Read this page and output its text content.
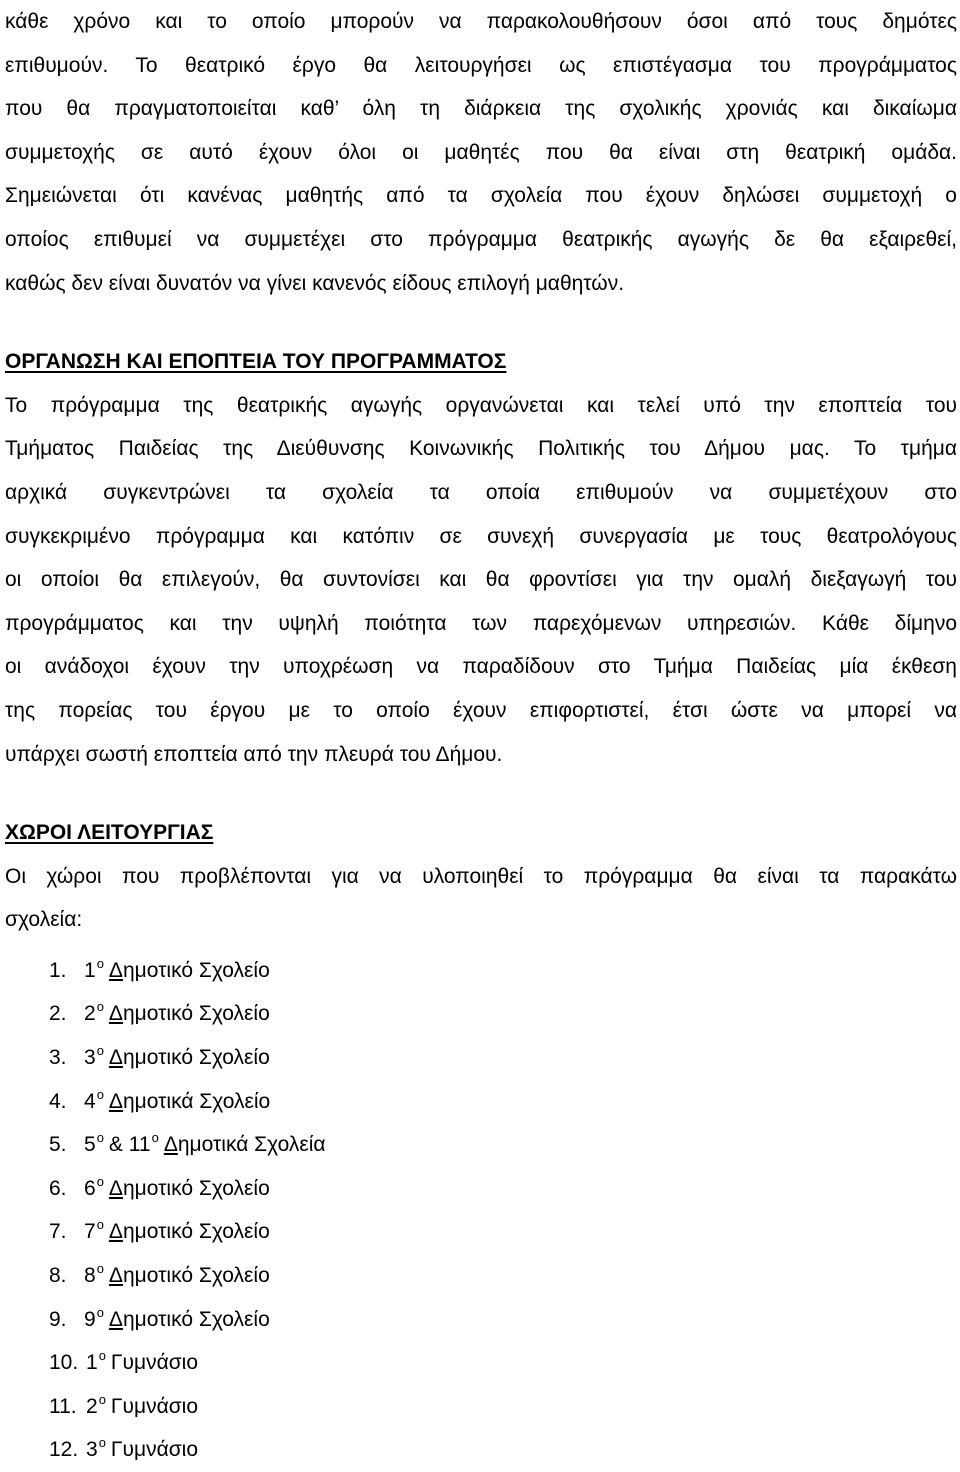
κάθε χρόνο και το οποίο μπορούν να παρακολουθήσουν όσοι από τους δημότες

επιθυμούν. Το θεατρικό έργο θα λειτουργήσει ως επιστέγασμα του προγράμματος

που θα πραγματοποιείται καθ’ όλη τη διάρκεια της σχολικής χρονιάς και δικαίωμα

συμμετοχής σε αυτό έχουν όλοι οι μαθητές που θα είναι στη θεατρική ομάδα.

Σημειώνεται ότι κανένας μαθητής από τα σχολεία που έχουν δηλώσει συμμετοχή ο

οποίος επιθυμεί να συμμετέχει στο πρόγραμμα θεατρικής αγωγής δε θα εξαιρεθεί,

καθώς δεν είναι δυνατόν να γίνει κανενός είδους επιλογή μαθητών.

ΟΡΓΑΝΩΣΗ ΚΑΙ ΕΠΟΠΤΕΙΑ ΤΟΥ ΠΡΟΓΡΑΜΜΑΤΟΣ

Το πρόγραμμα της θεατρικής αγωγής οργανώνεται και τελεί υπό την εποπτεία του

Τμήματος Παιδείας της Διεύθυνσης Κοινωνικής Πολιτικής του Δήμου μας. Το τμήμα

αρχικά συγκεντρώνει τα σχολεία τα οποία επιθυμούν να συμμετέχουν στο

συγκεκριμένο πρόγραμμα και κατόπιν σε συνεχή συνεργασία με τους θεατρολόγους

οι οποίοι θα επιλεγούν, θα συντονίσει και θα φροντίσει για την ομαλή διεξαγωγή του

προγράμματος και την υψηλή ποιότητα των παρεχόμενων υπηρεσιών. Κάθε δίμηνο

οι ανάδοχοι έχουν την υποχρέωση να παραδίδουν στο Τμήμα Παιδείας μία έκθεση

της πορείας του έργου με το οποίο έχουν επιφορτιστεί, έτσι ώστε να μπορεί να

υπάρχει σωστή εποπτεία από την πλευρά του Δήμου.

ΧΩΡΟΙ ΛΕΙΤΟΥΡΓΙΑΣ

Οι χώροι που προβλέπονται για να υλοποιηθεί το πρόγραμμα θα είναι τα παρακάτω

σχολεία:

1. $1^o$ Δημοτικό Σχολείο
2. $2^o$ Δημοτικό Σχολείο
3. $3^o$ Δημοτικό Σχολείο
4. $4^o$ Δημοτικά Σχολείο
5. $5^o$ & $11^o$ Δημοτικά Σχολεία
6. $6^o$ Δημοτικό Σχολείο
7. $7^o$ Δημοτικό Σχολείο
8. $8^o$ Δημοτικό Σχολείο
9. $9^o$ Δημοτικό Σχολείο
10. $1^o$ Γυμνάσιο
11. $2^o$ Γυμνάσιο
12. $3^o$ Γυμνάσιο
